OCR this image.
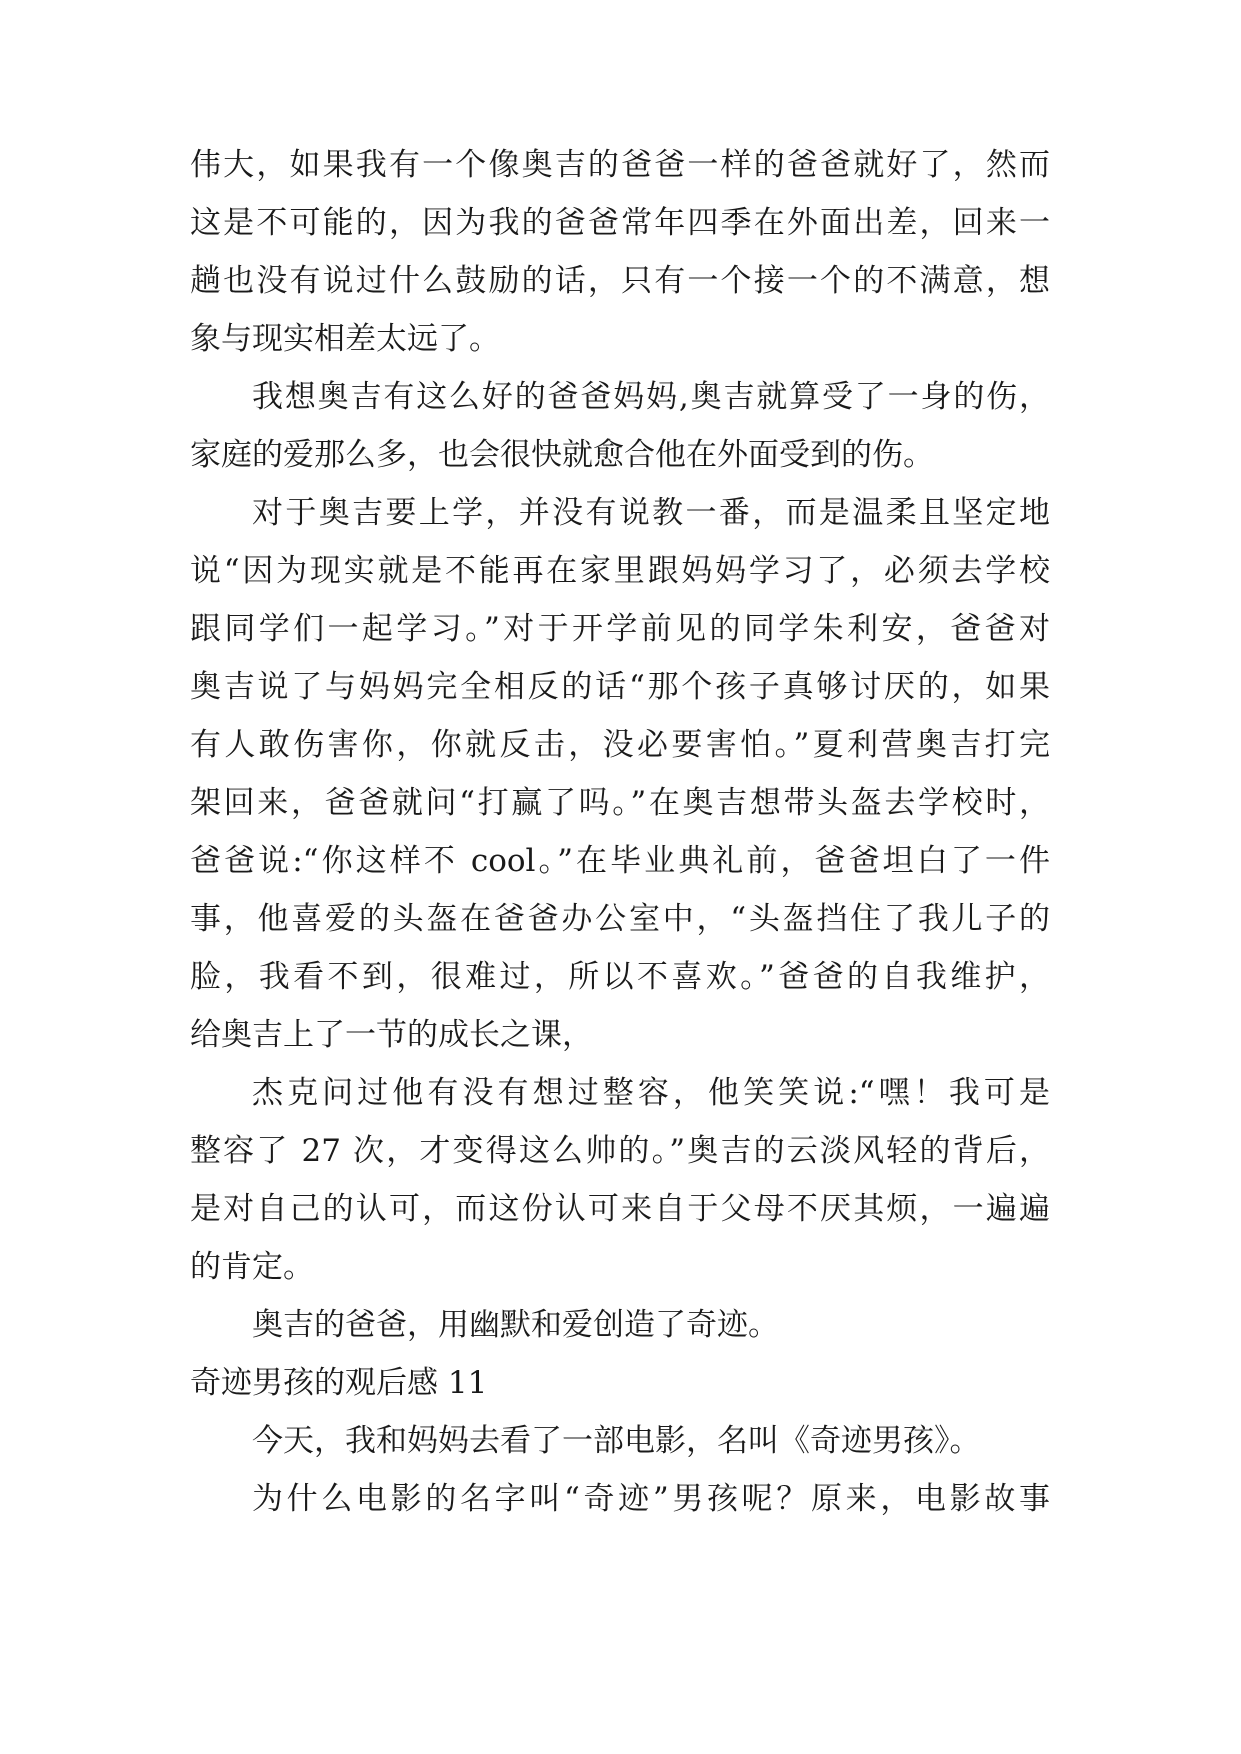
伟大，如果我有一个像奥吉的爸爸一样的爸爸就好了，然而
这是不可能的，因为我的爸爸常年四季在外面出差，回来一
趟也没有说过什么鼓励的话，只有一个接一个的不满意，想
象与现实相差太远了。
我想奥吉有这么好的爸爸妈妈,奥吉就算受了一身的伤，
家庭的爱那么多，也会很快就愈合他在外面受到的伤。
对于奥吉要上学，并没有说教一番，而是温柔且坚定地
说“因为现实就是不能再在家里跟妈妈学习了，必须去学校
跟同学们一起学习。”对于开学前见的同学朱利安，爸爸对
奥吉说了与妈妈完全相反的话“那个孩子真够讨厌的，如果
有人敢伤害你，你就反击，没必要害怕。”夏利营奥吉打完
架回来，爸爸就问“打赢了吗。”在奥吉想带头盔去学校时，
爸爸说:“你这样不 cool。”在毕业典礼前，爸爸坦白了一件
事，他喜爱的头盔在爸爸办公室中，“头盔挡住了我儿子的
脸，我看不到，很难过，所以不喜欢。”爸爸的自我维护，
给奥吉上了一节的成长之课，
杰克问过他有没有想过整容，他笑笑说:“嘿！我可是
整容了 27 次，才变得这么帅的。”奥吉的云淡风轻的背后，
是对自己的认可，而这份认可来自于父母不厌其烦，一遍遍
的肯定。
奥吉的爸爸，用幽默和爱创造了奇迹。
奇迹男孩的观后感 11
今天，我和妈妈去看了一部电影，名叫《奇迹男孩》。
为什么电影的名字叫“奇迹”男孩呢？原来，电影故事
